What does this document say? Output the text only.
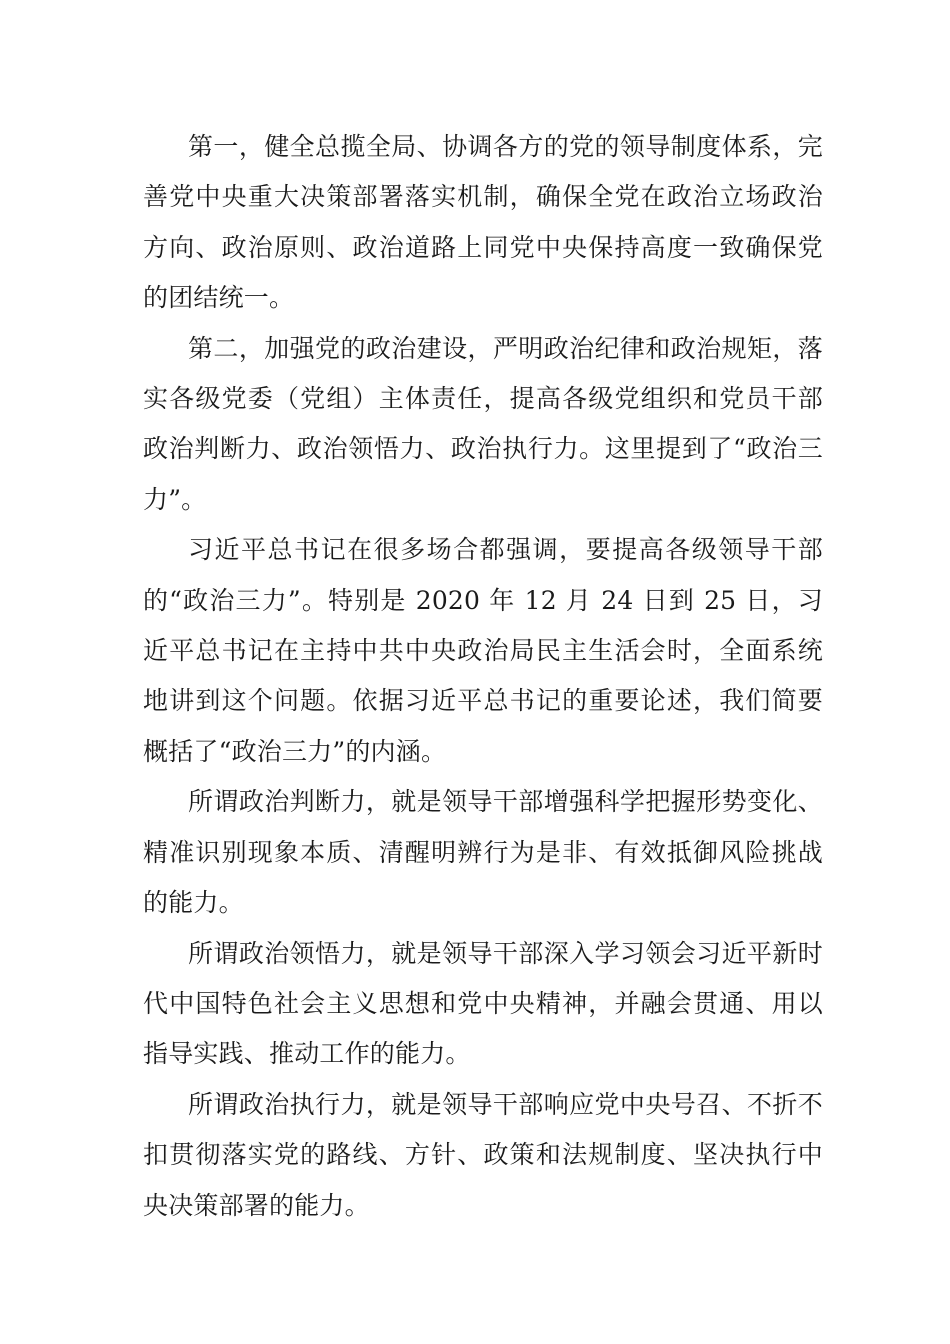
第一，健全总揽全局、协调各方的党的领导制度体系，完善党中央重大决策部署落实机制，确保全党在政治立场政治方向、政治原则、政治道路上同党中央保持高度一致确保党的团结统一。

第二，加强党的政治建设，严明政治纪律和政治规矩，落实各级党委（党组）主体责任，提高各级党组织和党员干部政治判断力、政治领悟力、政治执行力。这里提到了“政治三力”。

习近平总书记在很多场合都强调，要提高各级领导干部的“政治三力”。特别是 2020 年 12 月 24 日到 25 日，习近平总书记在主持中共中央政治局民主生活会时，全面系统地讲到这个问题。依据习近平总书记的重要论述，我们简要概括了“政治三力”的内涵。

所谓政治判断力，就是领导干部增强科学把握形势变化、精准识别现象本质、清醒明辨行为是非、有效抵御风险挑战的能力。

所谓政治领悟力，就是领导干部深入学习领会习近平新时代中国特色社会主义思想和党中央精神，并融会贯通、用以指导实践、推动工作的能力。

所谓政治执行力，就是领导干部响应党中央号召、不折不扣贯彻落实党的路线、方针、政策和法规制度、坚决执行中央决策部署的能力。
